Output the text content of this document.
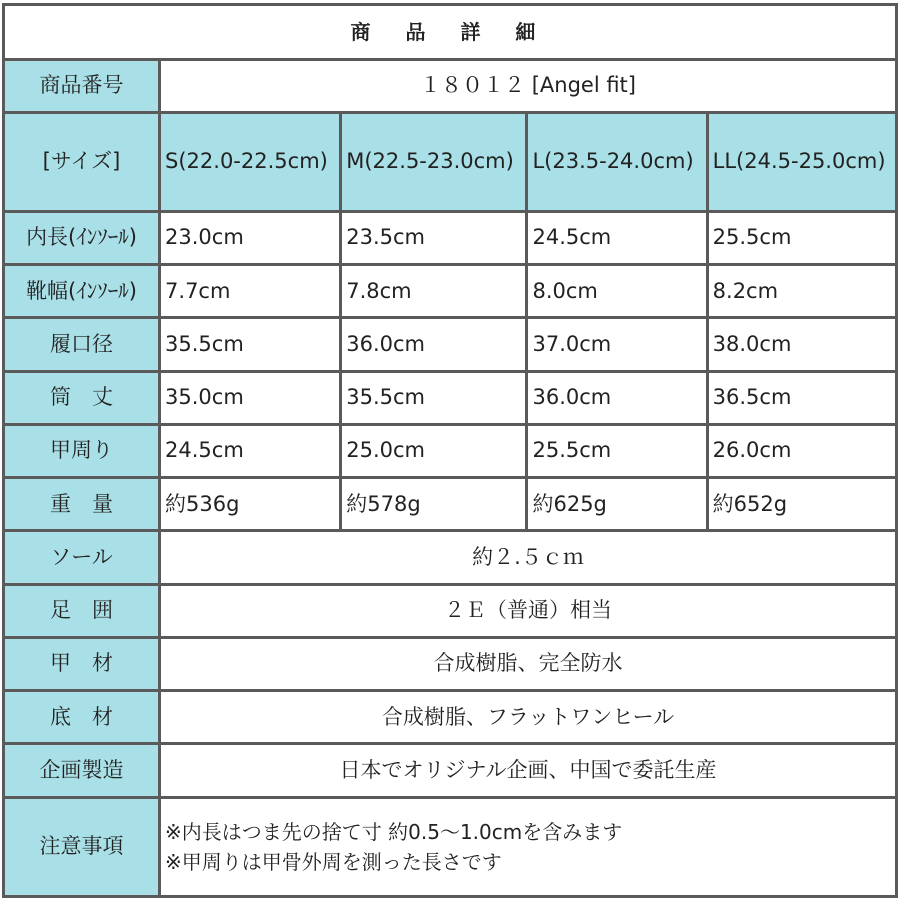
商 品 詳 細				
商品番号	１８０１２ [Angel fit]			
[サイズ]	S(22.0-22.5cm)	M(22.5-23.0cm)	L(23.5-24.0cm)	LL(24.5-25.0cm)
内長(ｲﾝｿｰﾙ)	23.0cm	23.5cm	24.5cm	25.5cm
靴幅(ｲﾝｿｰﾙ)	7.7cm	7.8cm	8.0cm	8.2cm
履口径	35.5cm	36.0cm	37.0cm	38.0cm
筒　丈	35.0cm	35.5cm	36.0cm	36.5cm
甲周り	24.5cm	25.0cm	25.5cm	26.0cm
重　量	約536g	約578g	約625g	約652g
ソール	約２.５ｃｍ			
足　囲	２Ｅ（普通）相当			
甲　材	合成樹脂、完全防水			
底　材	合成樹脂、フラットワンヒール			
企画製造	日本でオリジナル企画、中国で委託生産			
注意事項	※内長はつま先の捨て寸 約0.5～1.0cmを含みます
※甲周りは甲骨外周を測った長さです			
